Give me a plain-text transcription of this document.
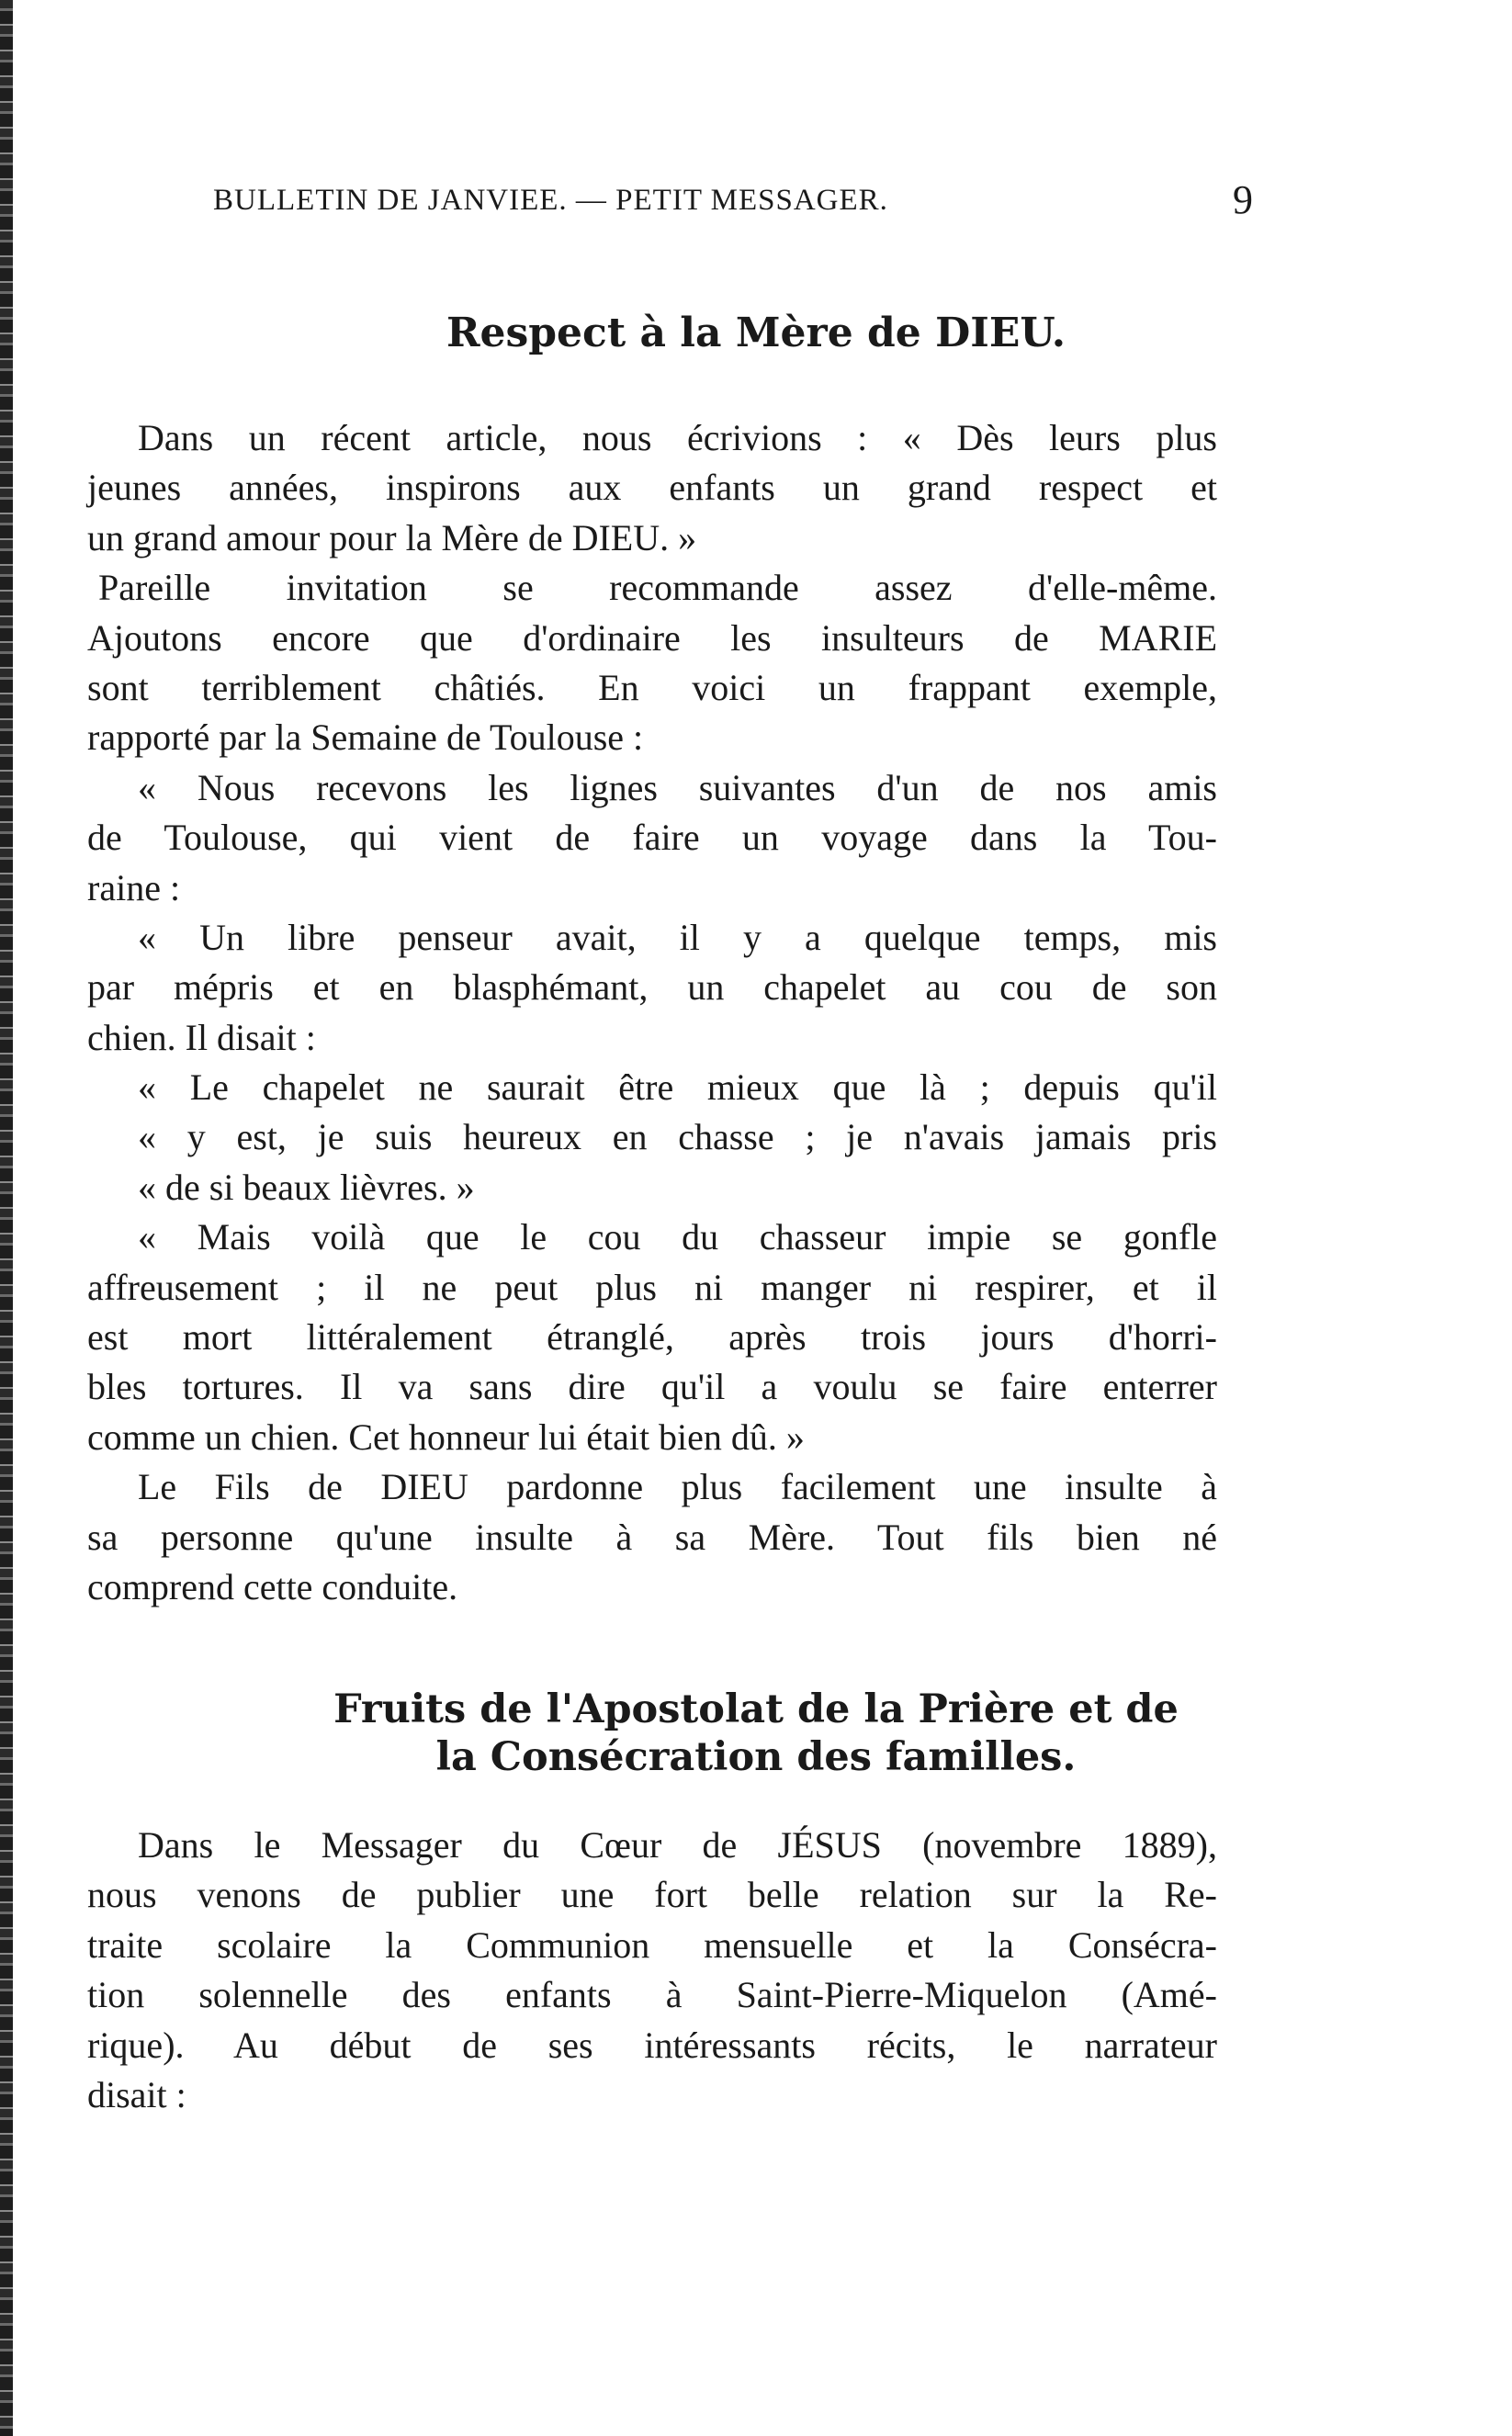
BULLETIN DE JANVIEE. — PETIT MESSAGER.	9
Respect à la Mère de DIEU.
Dans un récent article, nous écrivions : « Dès leurs plus
jeunes années, inspirons aux enfants un grand respect et
un grand amour pour la Mère de DIEU. »
Pareille invitation se recommande assez d'elle-même.
Ajoutons encore que d'ordinaire les insulteurs de MARIE
sont terriblement châtiés. En voici un frappant exemple,
rapporté par la Semaine de Toulouse :
« Nous recevons les lignes suivantes d'un de nos amis
de Toulouse, qui vient de faire un voyage dans la Tou-
raine :
« Un libre penseur avait, il y a quelque temps, mis
par mépris et en blasphémant, un chapelet au cou de son
chien. Il disait :
« Le chapelet ne saurait être mieux que là ; depuis qu'il
« y est, je suis heureux en chasse ; je n'avais jamais pris
« de si beaux lièvres. »
« Mais voilà que le cou du chasseur impie se gonfle
affreusement ; il ne peut plus ni manger ni respirer, et il
est mort littéralement étranglé, après trois jours d'horri-
bles tortures. Il va sans dire qu'il a voulu se faire enterrer
comme un chien. Cet honneur lui était bien dû. »
Le Fils de DIEU pardonne plus facilement une insulte à
sa personne qu'une insulte à sa Mère. Tout fils bien né
comprend cette conduite.
Fruits de l'Apostolat de la Prière et de
la Consécration des familles.
Dans le Messager du Cœur de JÉSUS (novembre 1889),
nous venons de publier une fort belle relation sur la Re-
traite scolaire la Communion mensuelle et la Consécra-
tion solennelle des enfants à Saint-Pierre-Miquelon (Amé-
rique). Au début de ses intéressants récits, le narrateur
disait :
